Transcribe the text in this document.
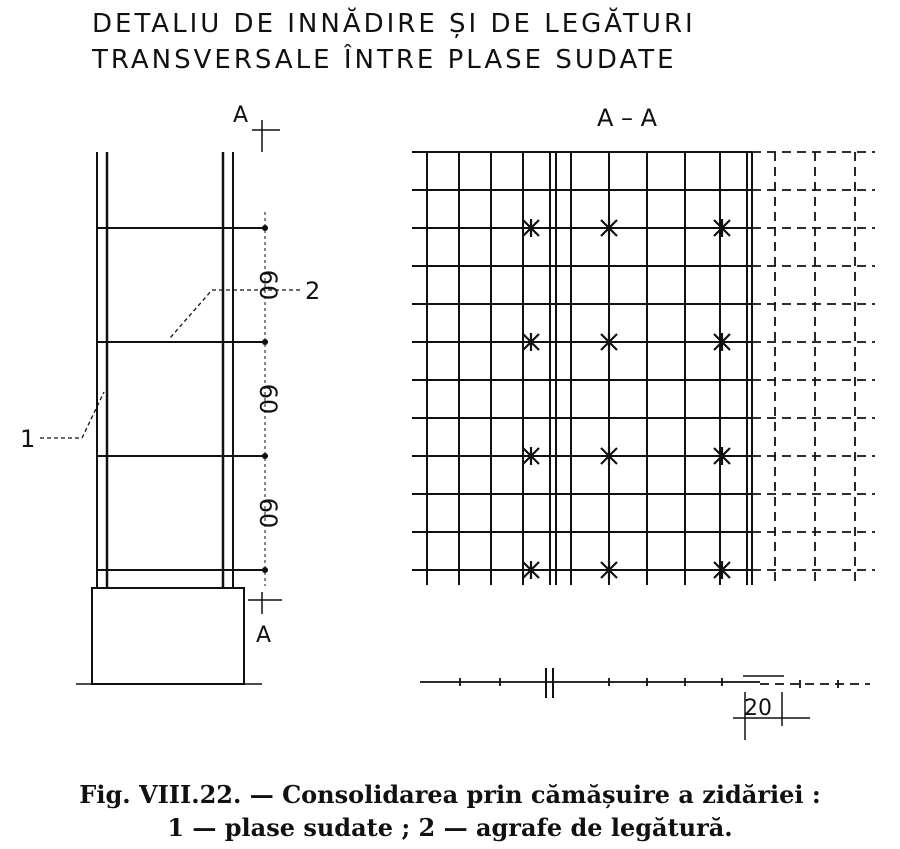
DETALIU DE INNĂDIRE ȘI DE LEGĂTURI
TRANSVERSALE ÎNTRE PLASE SUDATE
A
A
60
60
60
1
2
A – A
20
Fig. VIII.22. — Consolidarea prin cămășuire a zidăriei :
1 — plase sudate ; 2 — agrafe de legătură.
